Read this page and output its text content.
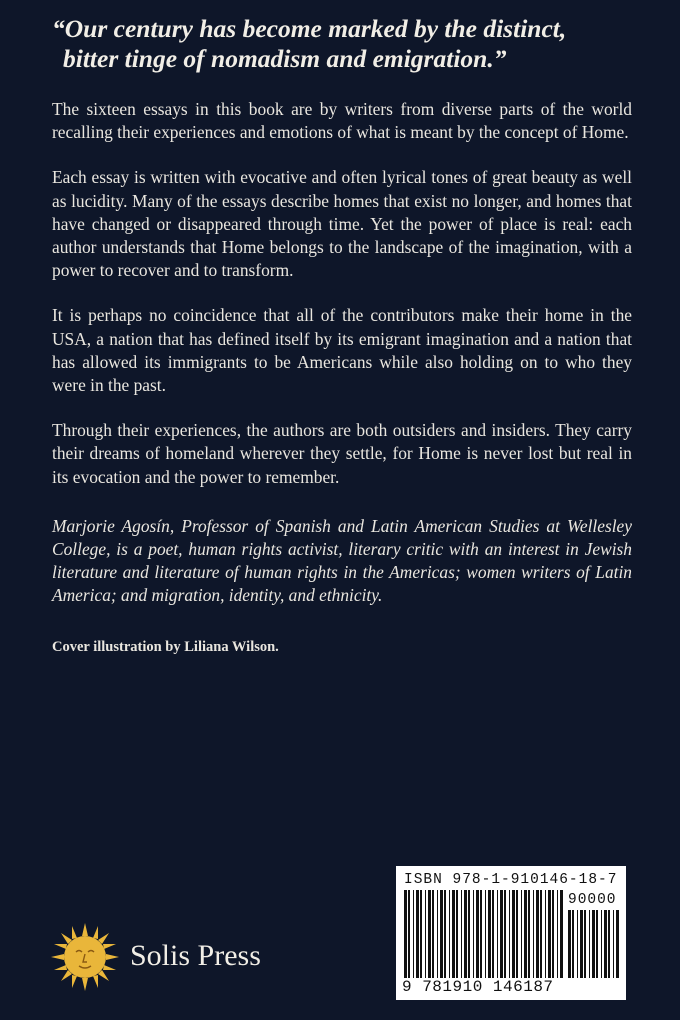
“Our century has become marked by the distinct,
bitter tinge of nomadism and emigration.”

The sixteen essays in this book are by writers from diverse parts of the world recalling their experiences and emotions of what is meant by the concept of Home.

Each essay is written with evocative and often lyrical tones of great beauty as well as lucidity. Many of the essays describe homes that exist no longer, and homes that have changed or disappeared through time. Yet the power of place is real: each author understands that Home belongs to the landscape of the imagination, with a power to recover and to transform.

It is perhaps no coincidence that all of the contributors make their home in the USA, a nation that has defined itself by its emigrant imagination and a nation that has allowed its immigrants to be Americans while also holding on to who they were in the past.

Through their experiences, the authors are both outsiders and insiders. They carry their dreams of homeland wherever they settle, for Home is never lost but real in its evocation and the power to remember.

Marjorie Agosín, Professor of Spanish and Latin American Studies at Wellesley College, is a poet, human rights activist, literary critic with an interest in Jewish literature and literature of human rights in the Americas; women writers of Latin America; and migration, identity, and ethnicity.

Cover illustration by Liliana Wilson.

Solis Press

ISBN 978-1-910146-18-7

90000

9 781910 146187
